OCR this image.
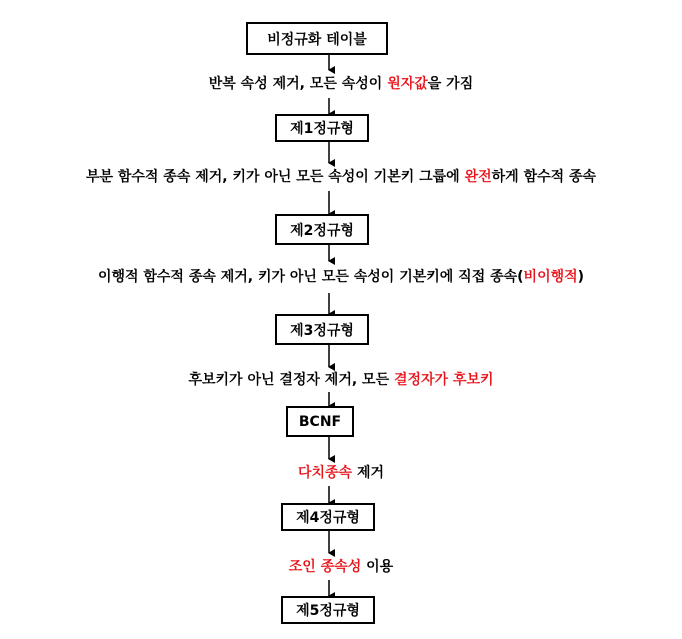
비정규화 테이블
제1정규형
제2정규형
제3정규형
BCNF
제4정규형
제5정규형
반복 속성 제거, 모든 속성이 원자값을 가짐
부분 함수적 종속 제거, 키가 아닌 모든 속성이 기본키 그룹에 완전하게 함수적 종속
이행적 함수적 종속 제거, 키가 아닌 모든 속성이 기본키에 직접 종속(비이행적)
후보키가 아닌 결정자 제거, 모든 결정자가 후보키
다치종속 제거
조인 종속성 이용
